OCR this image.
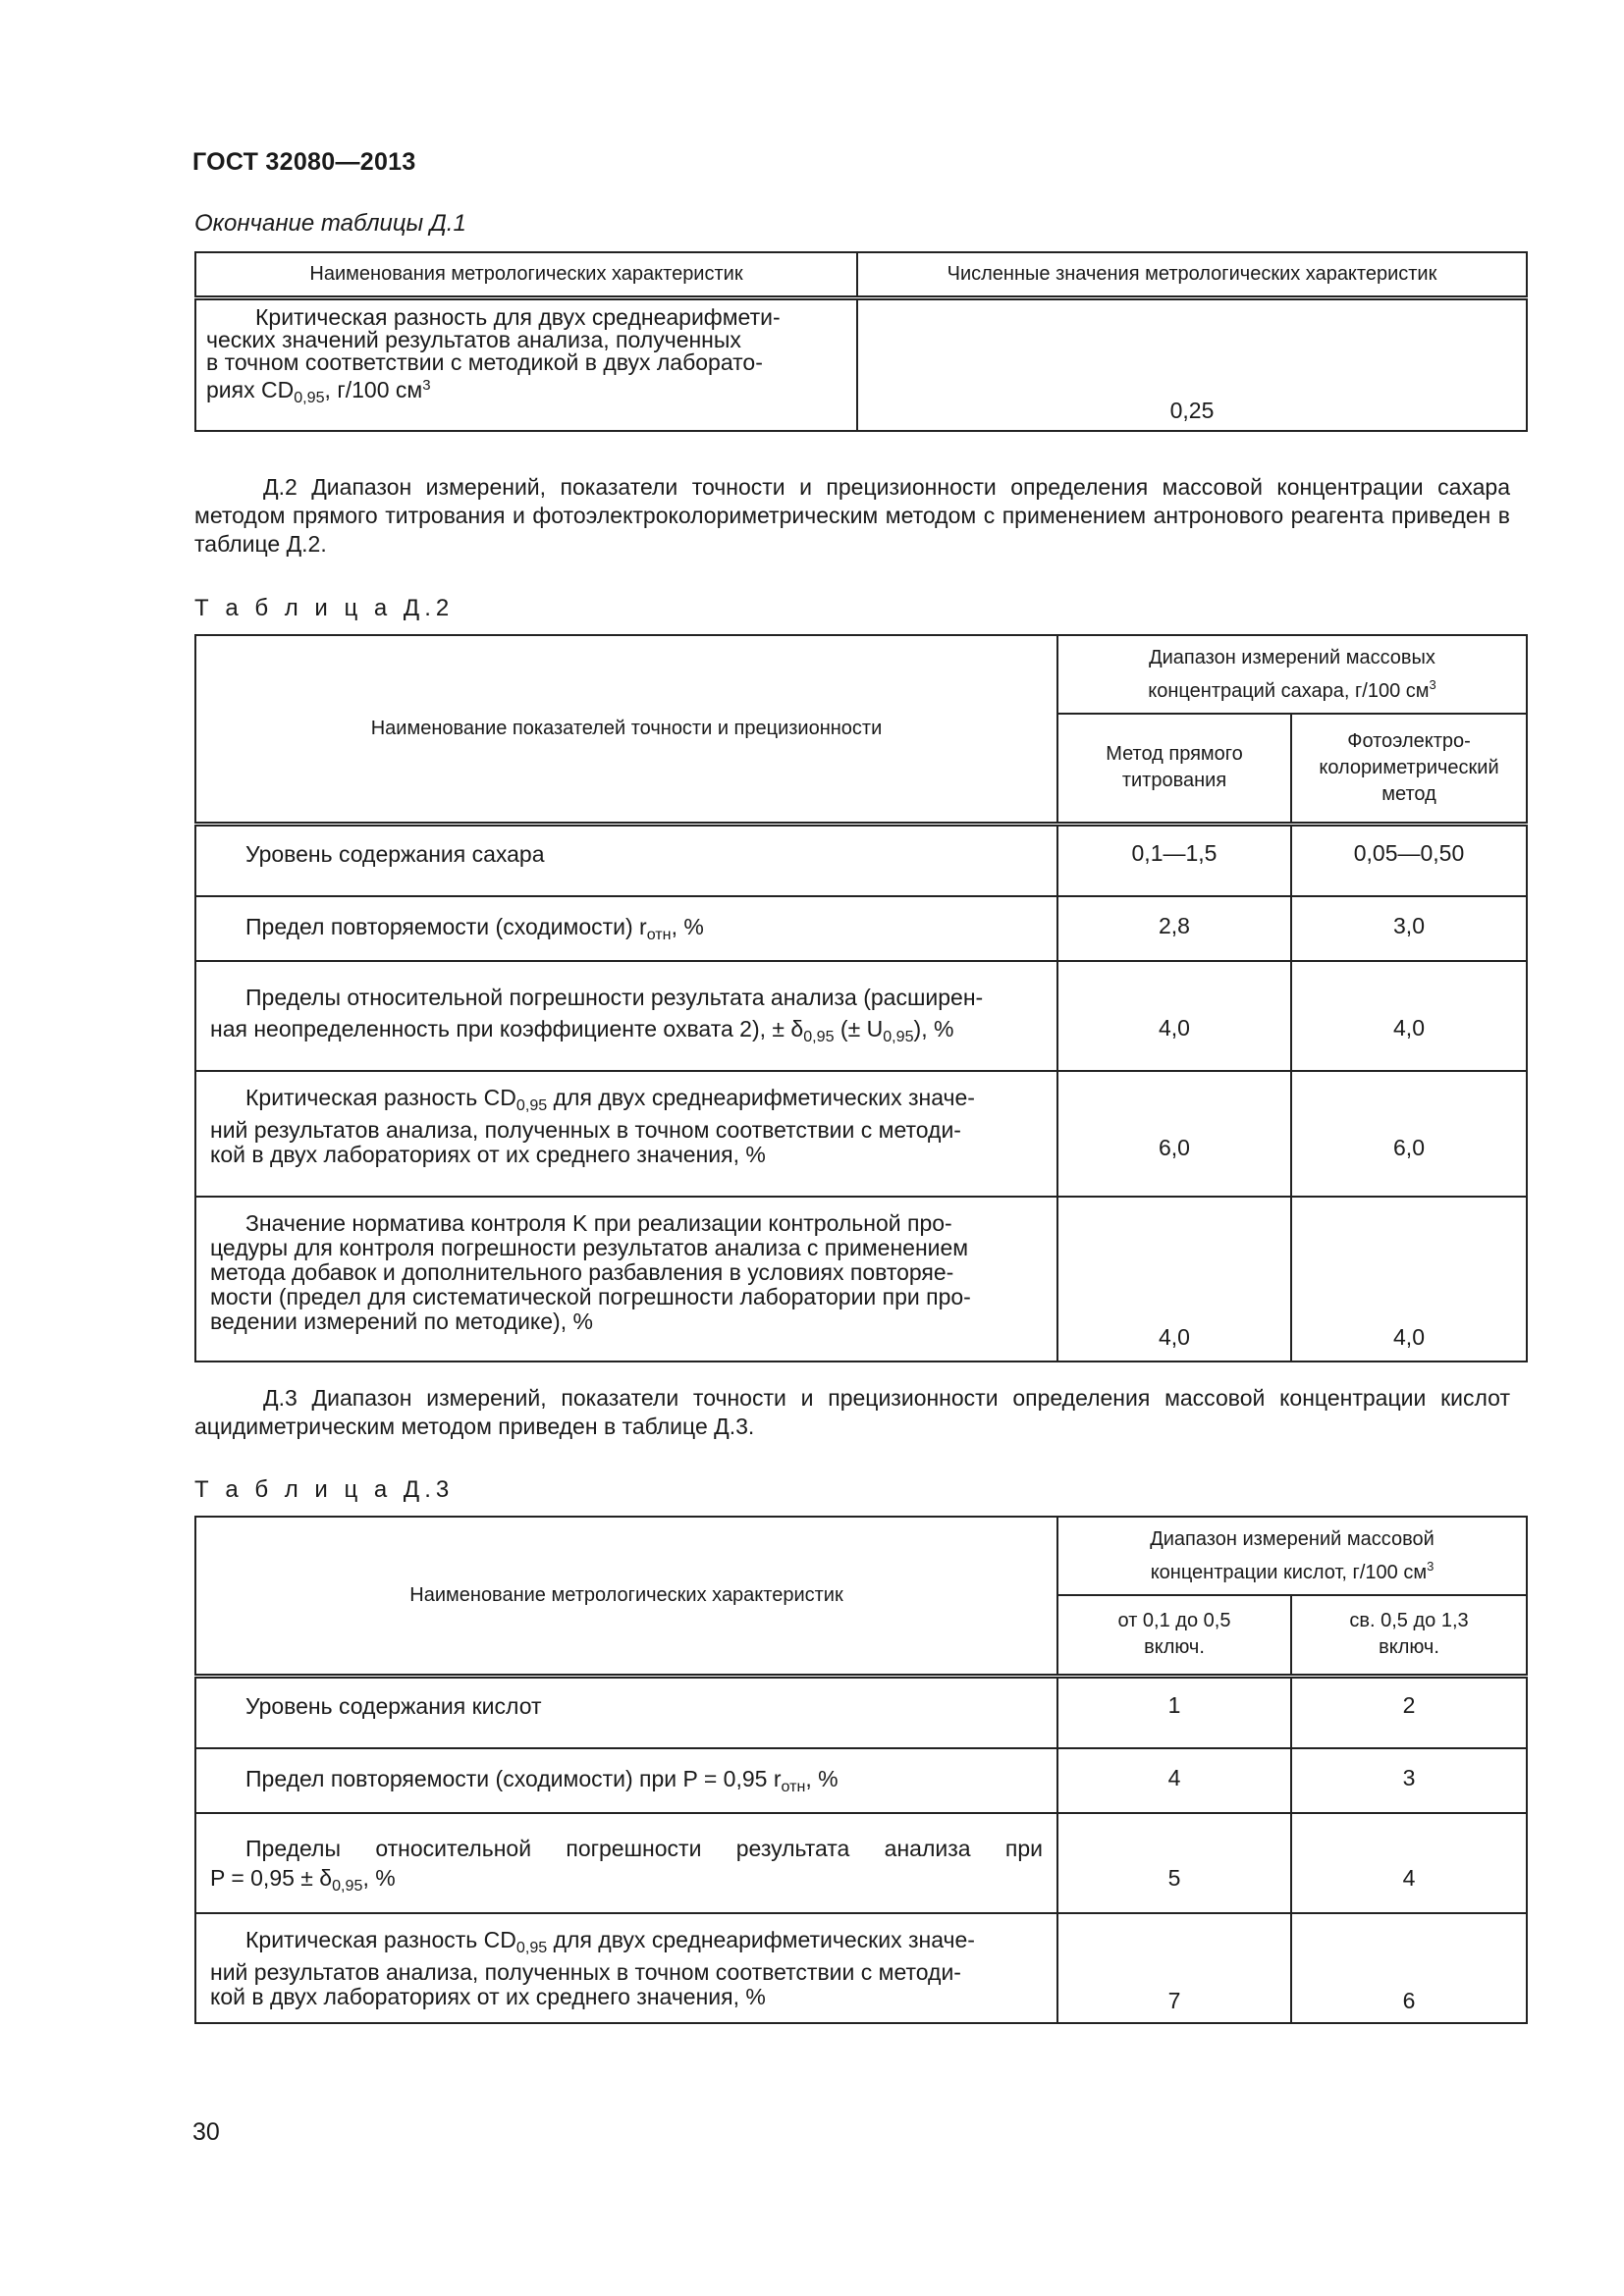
ГОСТ 32080—2013
Окончание таблицы Д.1
Наименования метрологических характеристик	Численные значения метрологических характеристик

Критическая разность для двух среднеарифмети-
ческих значений результатов анализа, полученных
в точном соответствии с методикой в двух лаборато-
риях $CD_{0,95}$, г/100 $см^3$	0,25
Д.2 Диапазон измерений, показатели точности и прецизионности определения массовой концентрации сахара методом прямого титрования и фотоэлектроколориметрическим методом с применением антронового реагента приведен в таблице Д.2.
Т а б л и ц а Д.2
Наименование показателей точности и прецизионности	Диапазон измерений массовых
концентраций сахара, г/100 $см^3$

	Метод прямого титрования	Фотоэлектро-колориметрический метод

Уровень содержания сахара	0,1—1,5	0,05—0,50

Предел повторяемости (сходимости) $r_{отн}$, %	2,8	3,0

Пределы относительной погрешности результата анализа (расширен-
ная неопределенность при коэффициенте охвата 2), ± $\delta_{0,95}$ (± $U_{0,95}$), %	4,0	4,0

Критическая разность $CD_{0,95}$ для двух среднеарифметических значе-
ний результатов анализа, полученных в точном соответствии с методи-
кой в двух лабораториях от их среднего значения, %	6,0	6,0

Значение норматива контроля K при реализации контрольной про-
цедуры для контроля погрешности результатов анализа с применением
метода добавок и дополнительного разбавления в условиях повторяе-
мости (предел для систематической погрешности лаборатории при про-
ведении измерений по методике), %	4,0	4,0
Д.3 Диапазон измерений, показатели точности и прецизионности определения массовой концентрации кислот ацидиметрическим методом приведен в таблице Д.3.
Т а б л и ц а Д.3
Наименование метрологических характеристик	Диапазон измерений массовой
концентрации кислот, г/100 $см^3$

	от 0,1 до 0,5 включ.	св. 0,5 до 1,3 включ.

Уровень содержания кислот	1	2

Предел повторяемости (сходимости) при P = 0,95 $r_{отн}$, %	4	3

Пределы относительной погрешности результата анализа при
$P = 0,95 \pm \delta_{0,95}$, %	5	4

Критическая разность $CD_{0,95}$ для двух среднеарифметических значе-
ний результатов анализа, полученных в точном соответствии с методи-
кой в двух лабораториях от их среднего значения, %	7	6
30
